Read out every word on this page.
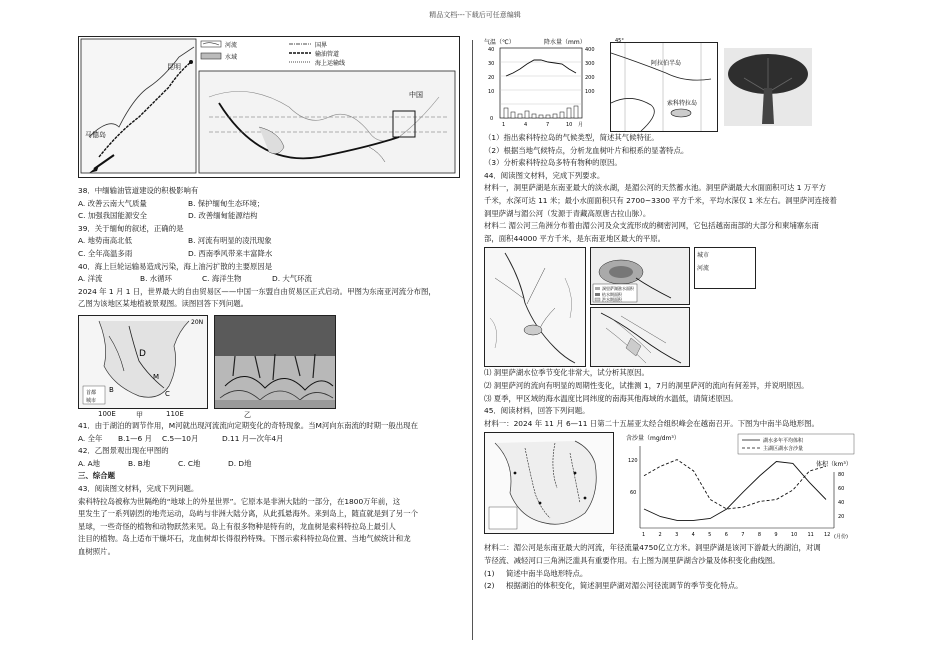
精品文档---下载后可任意编辑
昆明
马德岛
河流
水域
国界
输油管道
海上运输线
中国
38．中缅输油管道建设的积极影响有
A. 改善云南大气质量	B. 保护缅甸生态环境；
C. 加强我国能源安全	D. 改善缅甸能源结构
39．关于缅甸的叙述，正确的是
A. 地势南高北低	B. 河流有明显的凌汛现象
C. 全年高温多雨	D. 西南季风带来丰富降水
40．海上巨轮运输易造成污染，海上油污扩散的主要原因是
A. 洋流	B. 水循环	C. 海洋生物	D. 大气环流
2024 年 1 月 1 日，世界最大的自由贸易区——中国一东盟自由贸易区正式启动。甲图为东南亚河流分布图，
乙图为该地区某地植被景观图。读图回答下列问题。
D
M
C
B
20N
首都
城市
100E	甲	110E	乙
41．由于湖泊的调节作用，M河就出现河流流向定期变化的奇特现象。当M河向东南流的时期一般出现在
A. 全年	B.1—6 月	C.5—10月	D.11 月—次年4月
42．乙图景观出现在甲图的
A. A地	B. B地	C. C地	D. D地
三、综合题
43．阅读图文材料，完成下列问题。
索科特拉岛被称为世隔绝的“地球上的外星世界”。它原本是非洲大陆的一部分，在1800万年前，这
里发生了一系列剧烈的地壳运动，岛屿与非洲大陆分离，从此孤悬海外。来到岛上，随直就是到了另一个
星球，一些奇怪的植物和动物跃然来见。岛上有很多物种是特有的，龙血树是索科特拉岛上最引人
注目的植物。岛上适布干燥坏石，龙血树却长得很矜特殊。下图示索科特拉岛位置、当地气候统计和龙
血树照片。
气温（℃）	降水量（mm）
40
30
20
10
0
400
300
200
100
1	4	7	10 月
45°
阿拉伯半岛
索科特拉岛
（1）指出索科特拉岛的气候类型，简述其气候特征。
（2）根据当地气候特点，分析龙血树叶片和根系的显著特点。
（3）分析索科特拉岛多特有物种的原因。
44．阅读图文材料，完成下列要求。
材料一，洞里萨湖是东南亚最大的淡水湖，是湄公河的天然蓄水池。洞里萨湖最大水面面积可达 1 万平方
千米，水深可达 11 米；最小水面面积只有 2700~3300 平方千米，平均水深仅 1 米左右。洞里萨河连接着
洞里萨湖与湄公河（发源于青藏高原唐古拉山脉）。
材料二 湄公河三角洲分布着由湄公河及众支流形成的稠密河网，它包括越南南部的大部分和柬埔寨东南
部，面积44000 平方千米，是东南亚地区最大的平原。
洞里萨湖涨水面积
枯水期面积
洪水期面积
城市
河流
⑴ 洞里萨湖水位季节变化非常大，试分析其原因。
⑵ 洞里萨河的流向有明显的周期性变化，试推测 1，7月的洞里萨河的流向有何差异，并说明原因。
⑶ 夏季，甲区域的海水温度比同纬度的南海其他海域的水温低，请简述原因。
45．阅读材料，回答下列问题。
材料一：2024 年 11 月 6—11 日第二十五届亚太经合组织峰会在越南召开。下图为中南半岛地形图。
含沙量（mg/dm³）
体积（km³）
湖水多年平均体积
主湖区湖水含沙量
120
60
80
60
40
20
1	2	3	4	5	6	7	8	9	10 11 12 (月份)
材料二：湄公河是东南亚最大的河流，年径流量4750亿立方米。洞里萨湖是该河下游最大的湖泊，对调
节径流、减轻河口三角洲泛滥具有重要作用。右上图为洞里萨湖含沙量及体积变化曲线图。
(1) 简述中南半岛地形特点。
(2) 根据湖泊的体积变化，简述洞里萨湖对湄公河径流调节的季节变化特点。
